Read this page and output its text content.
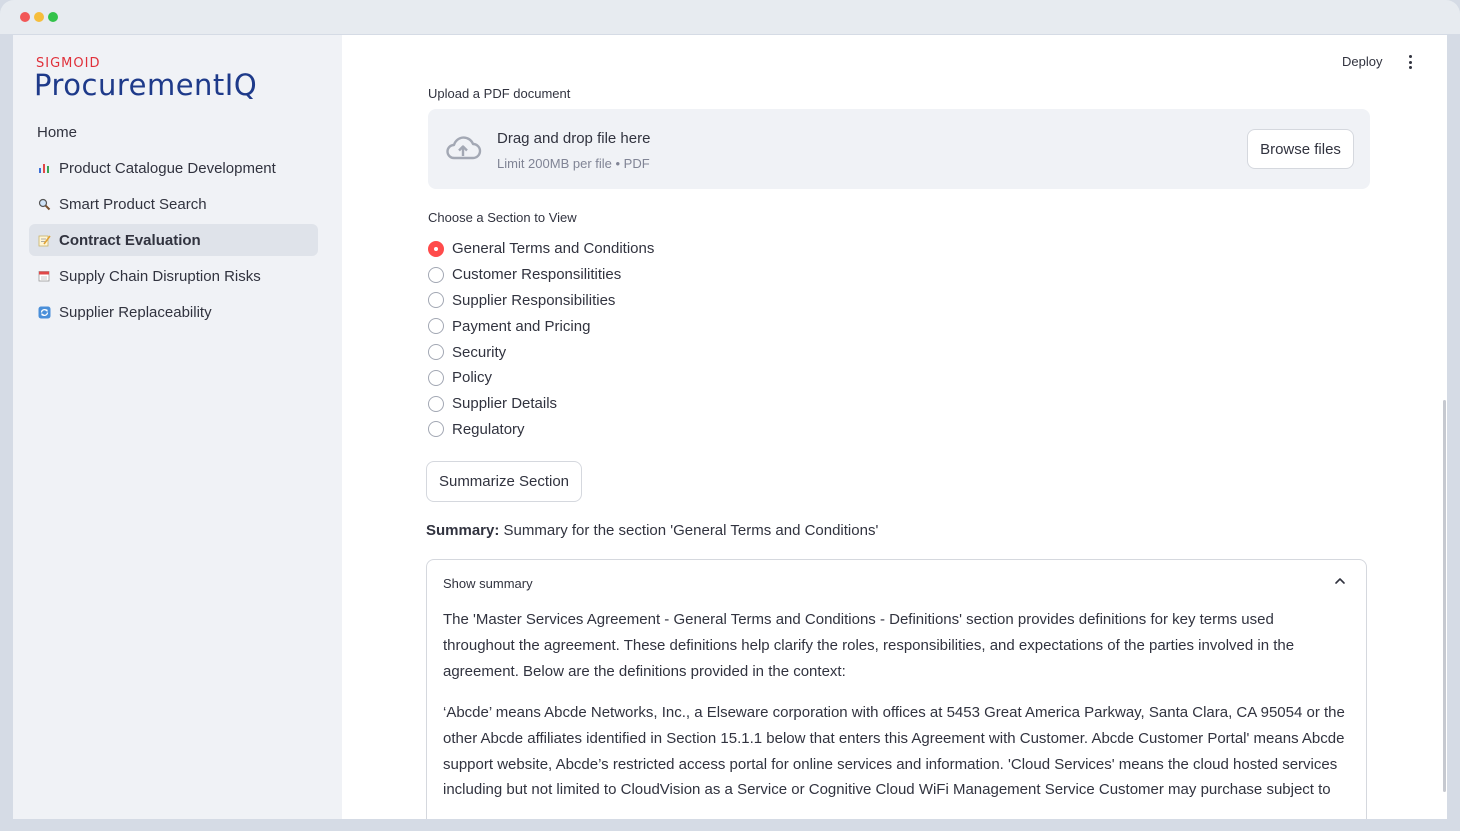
SIGMOID
ProcurementIQ
Home
Product Catalogue Development
Smart Product Search
Contract Evaluation
Supply Chain Disruption Risks
Supplier Replaceability
Deploy
Upload a PDF document
Drag and drop file here
Limit 200MB per file • PDF
Browse files
Choose a Section to View
General Terms and Conditions
Customer Responsilitities
Supplier Responsibilities
Payment and Pricing
Security
Policy
Supplier Details
Regulatory
Summarize Section
Summary: Summary for the section 'General Terms and Conditions'
Show summary
The 'Master Services Agreement - General Terms and Conditions - Definitions' section provides definitions for key terms used throughout the agreement. These definitions help clarify the roles, responsibilities, and expectations of the parties involved in the agreement. Below are the definitions provided in the context:
‘Abcde’ means Abcde Networks, Inc., a Elseware corporation with offices at 5453 Great America Parkway, Santa Clara, CA 95054 or the other Abcde affiliates identified in Section 15.1.1 below that enters this Agreement with Customer. Abcde Customer Portal' means Abcde support website, Abcde’s restricted access portal for online services and information. 'Cloud Services' means the cloud hosted services including but not limited to CloudVision as a Service or Cognitive Cloud WiFi Management Service Customer may purchase subject to
